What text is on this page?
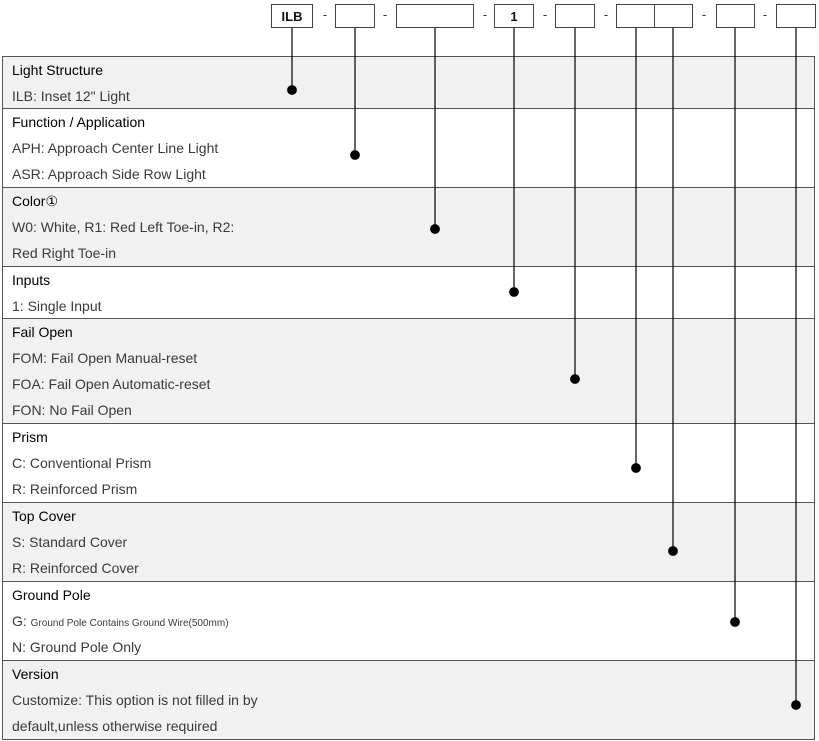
ILB	-	-	-	1	-	-	-	-
Light Structure
ILB: Inset 12" Light
Function / Application
APH: Approach Center Line Light
ASR: Approach Side Row Light
Color①
W0: White, R1: Red Left Toe-in, R2:
Red Right Toe-in
Inputs
1: Single Input
Fail Open
FOM: Fail Open Manual-reset
FOA: Fail Open Automatic-reset
FON: No Fail Open
Prism
C: Conventional Prism
R: Reinforced Prism
Top Cover
S: Standard Cover
R: Reinforced Cover
Ground Pole
G: Ground Pole Contains Ground Wire(500mm)
N: Ground Pole Only
Version
Customize: This option is not filled in by
default,unless otherwise required
